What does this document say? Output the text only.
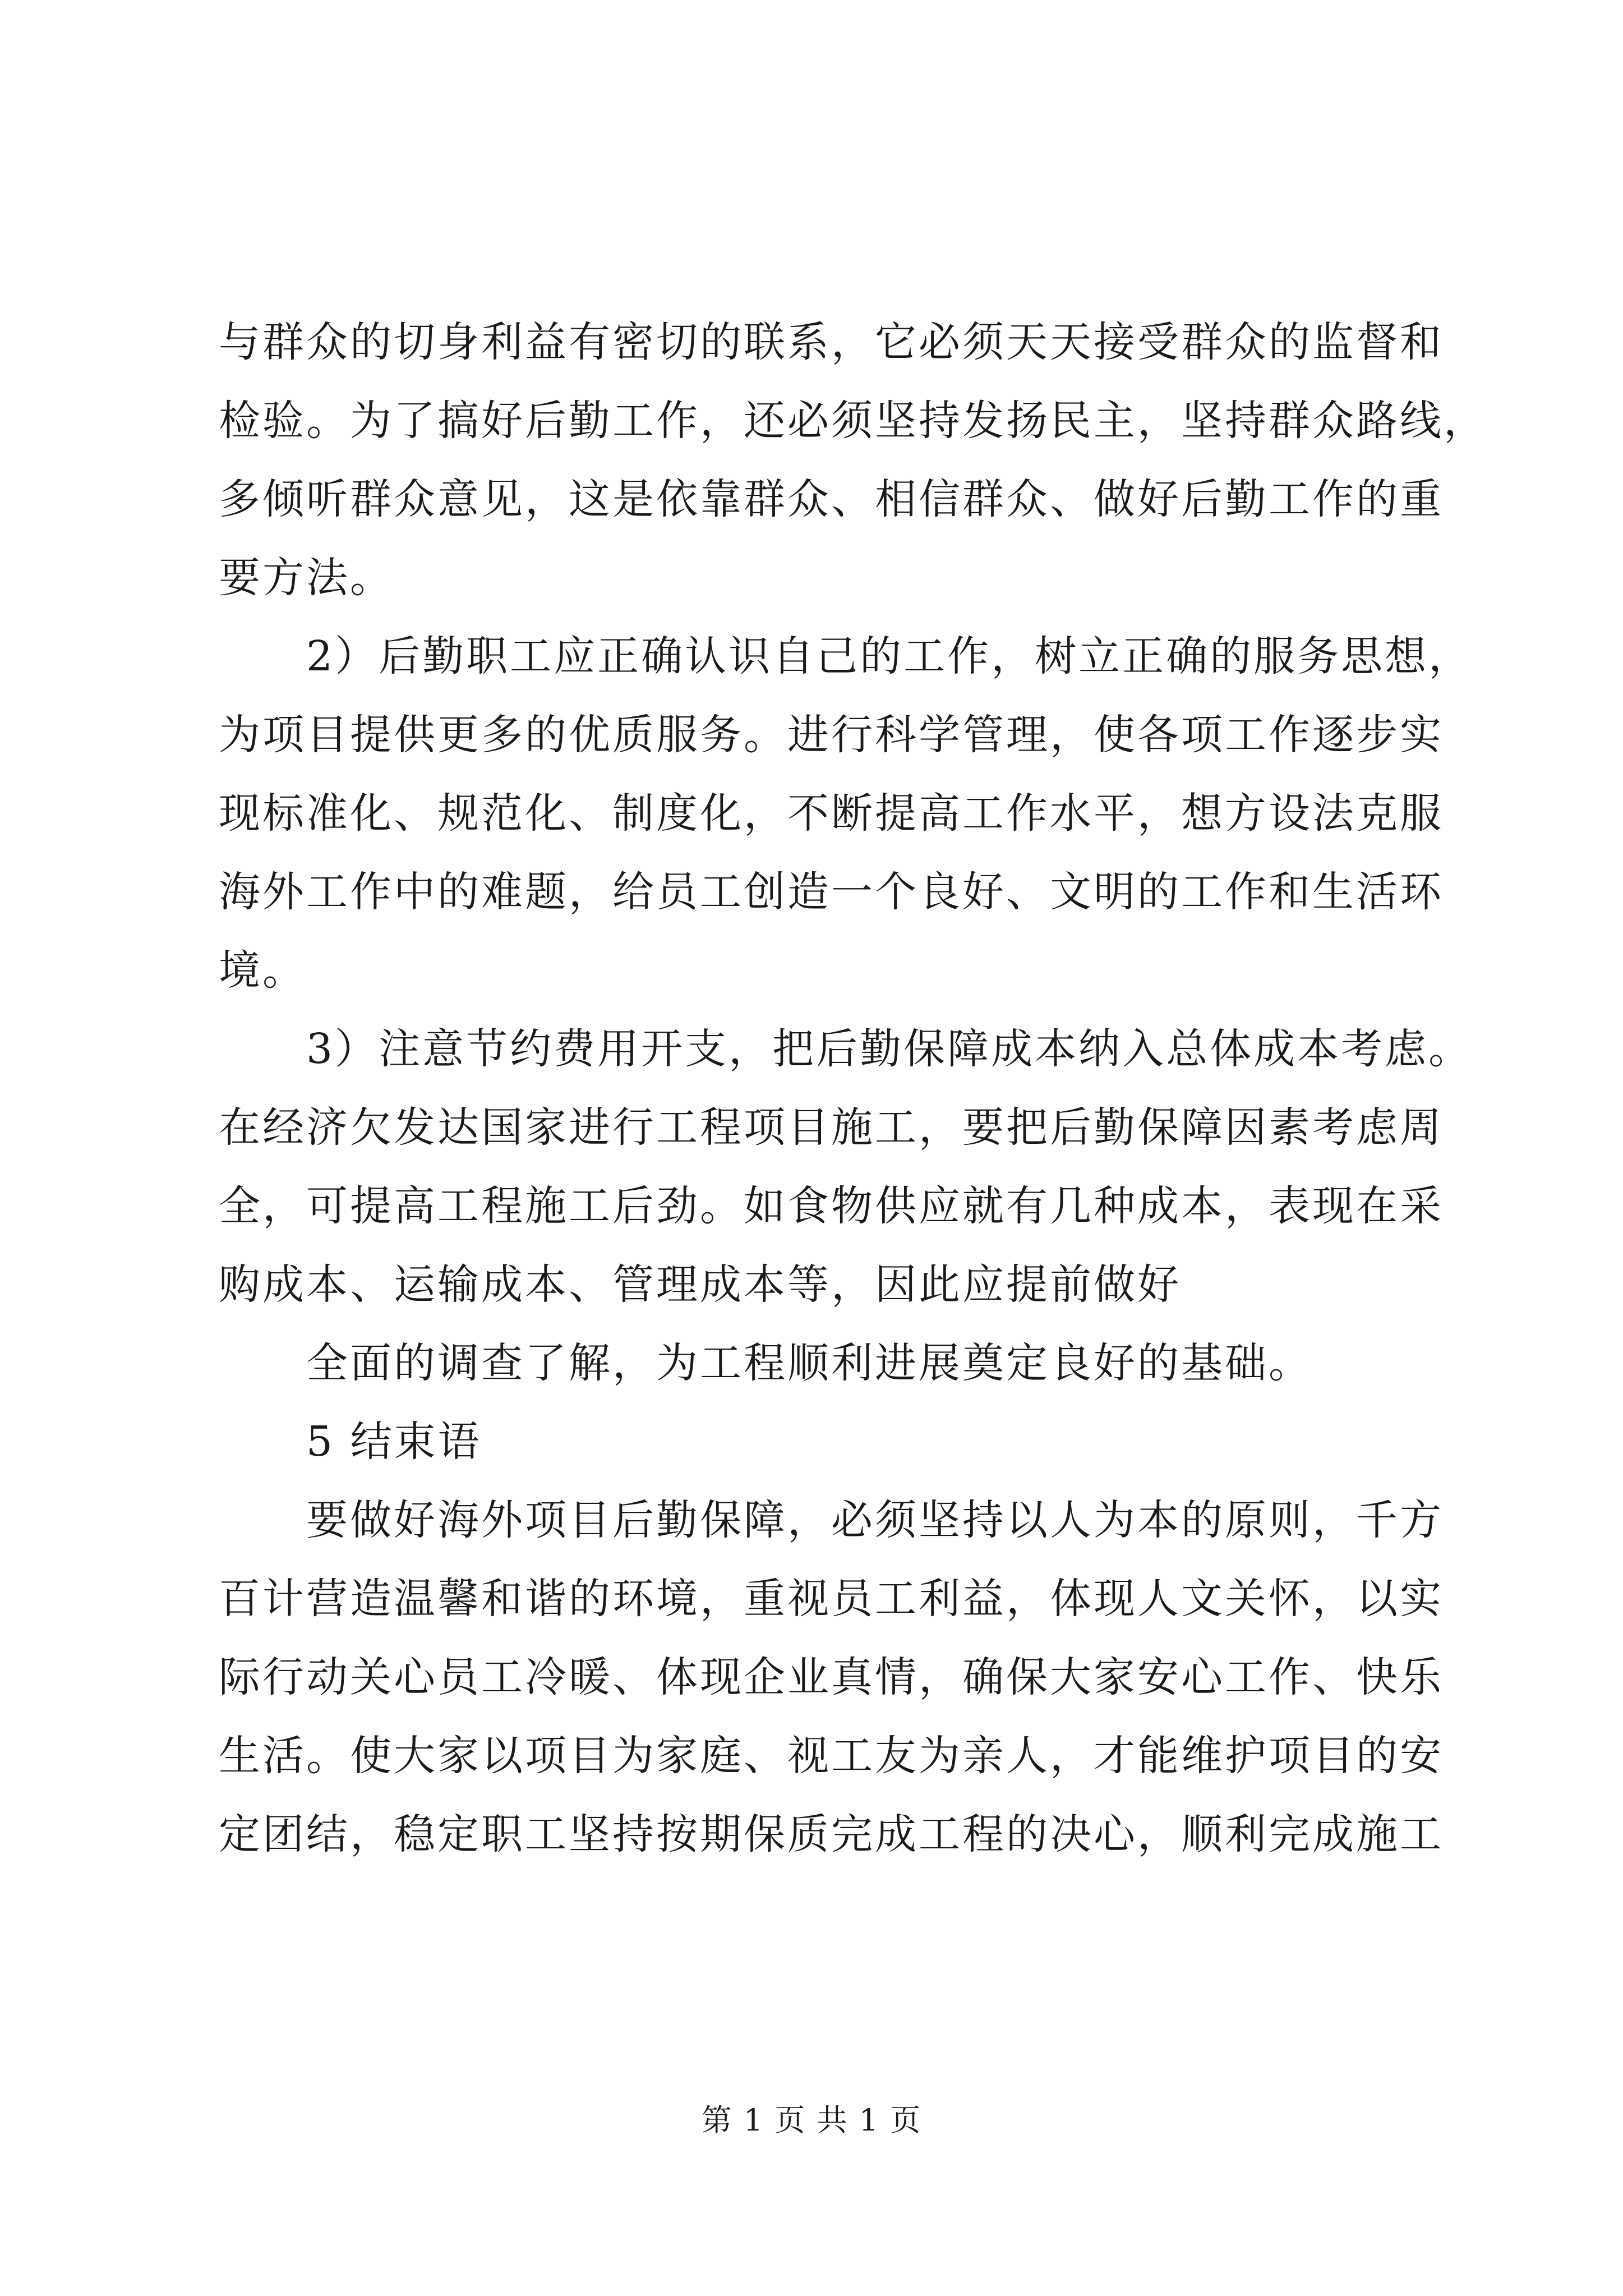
与群众的切身利益有密切的联系，它必须天天接受群众的监督和
检验。为了搞好后勤工作，还必须坚持发扬民主，坚持群众路线，
多倾听群众意见，这是依靠群众、相信群众、做好后勤工作的重
要方法。
2）后勤职工应正确认识自己的工作，树立正确的服务思想，
为项目提供更多的优质服务。进行科学管理，使各项工作逐步实
现标准化、规范化、制度化，不断提高工作水平，想方设法克服
海外工作中的难题，给员工创造一个良好、文明的工作和生活环
境。
3）注意节约费用开支，把后勤保障成本纳入总体成本考虑。
在经济欠发达国家进行工程项目施工，要把后勤保障因素考虑周
全，可提高工程施工后劲。如食物供应就有几种成本，表现在采
购成本、运输成本、管理成本等，因此应提前做好
全面的调查了解，为工程顺利进展奠定良好的基础。
5 结束语
要做好海外项目后勤保障，必须坚持以人为本的原则，千方
百计营造温馨和谐的环境，重视员工利益，体现人文关怀，以实
际行动关心员工冷暖、体现企业真情，确保大家安心工作、快乐
生活。使大家以项目为家庭、视工友为亲人，才能维护项目的安
定团结，稳定职工坚持按期保质完成工程的决心，顺利完成施工
第 1 页 共 1 页
